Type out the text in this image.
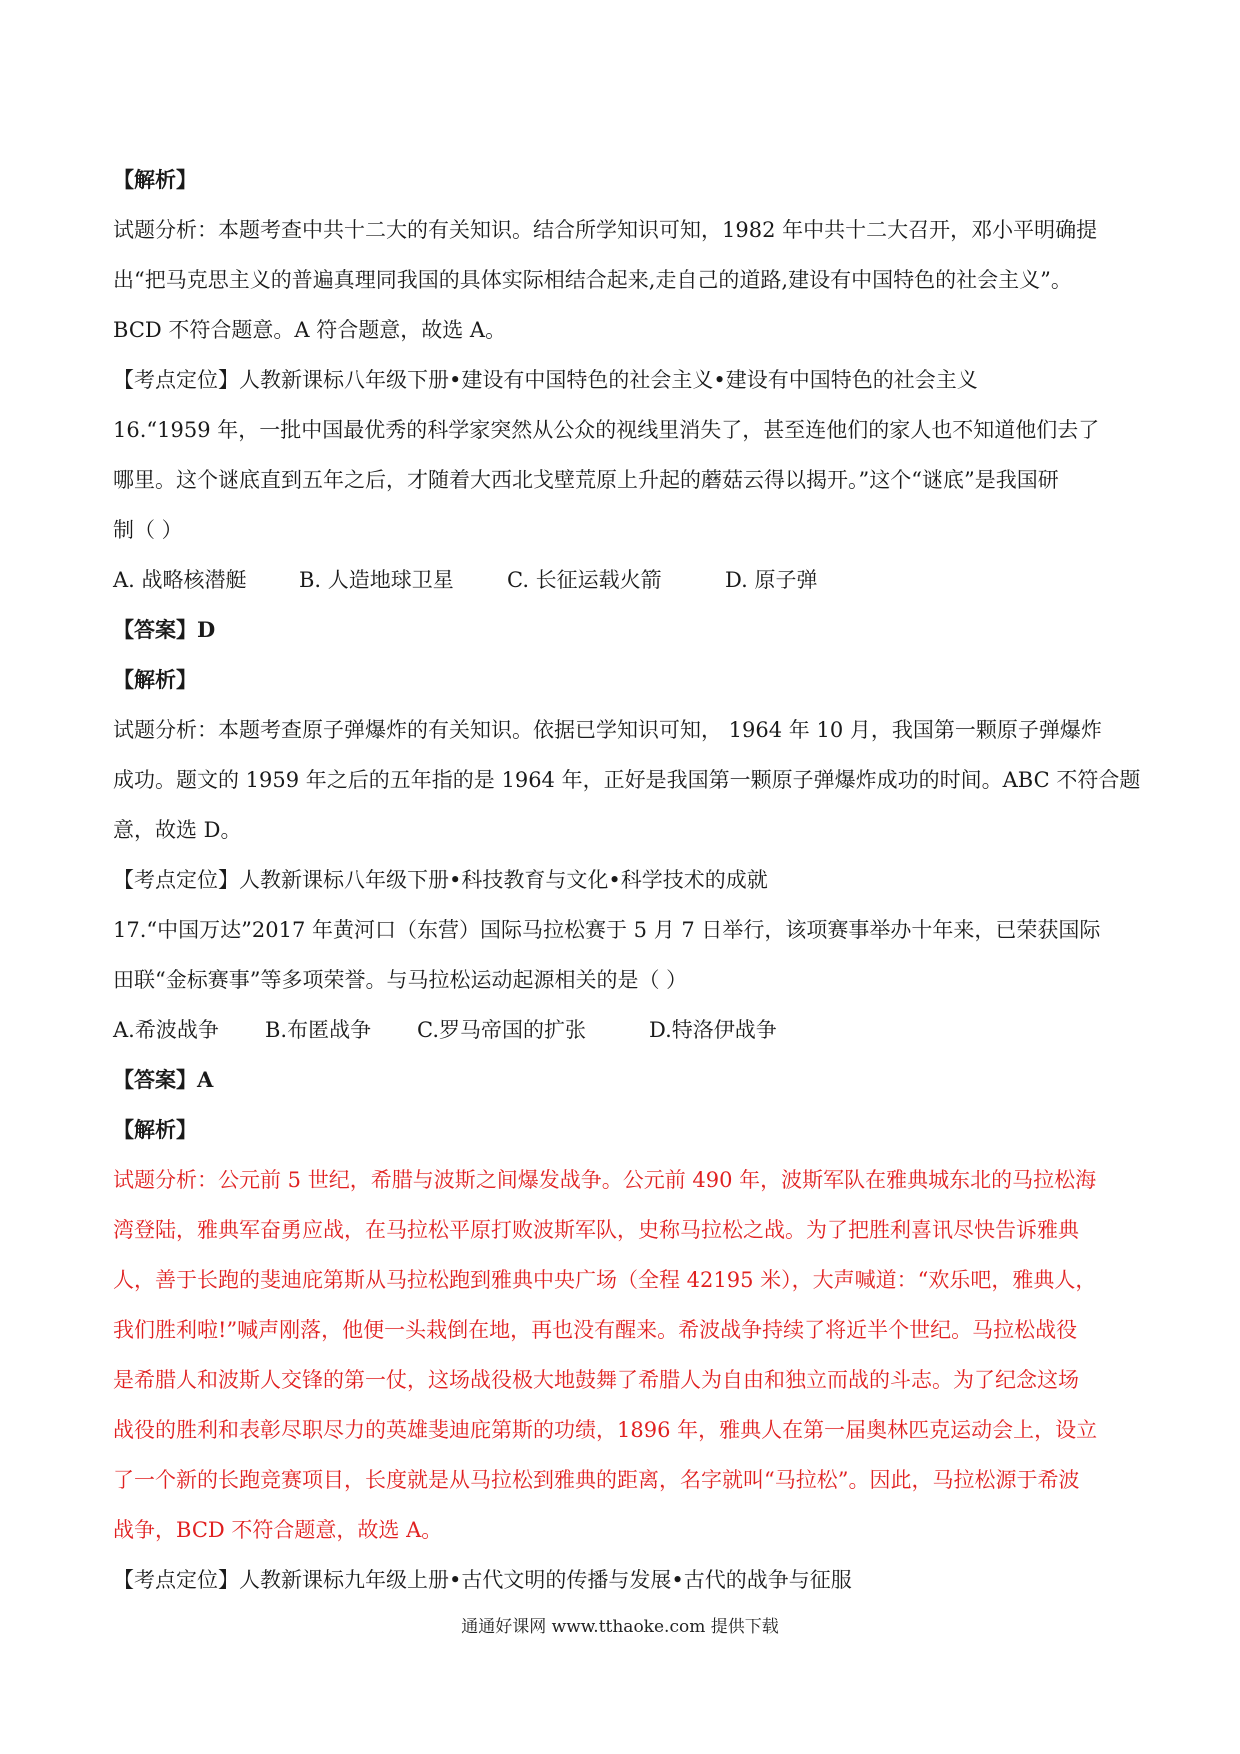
【解析】
试题分析：本题考查中共十二大的有关知识。结合所学知识可知，1982 年中共十二大召开，邓小平明确提
出“把马克思主义的普遍真理同我国的具体实际相结合起来,走自己的道路,建设有中国特色的社会主义”。
BCD 不符合题意。A 符合题意，故选 A。
【考点定位】人教新课标八年级下册•建设有中国特色的社会主义•建设有中国特色的社会主义
16.“1959 年，一批中国最优秀的科学家突然从公众的视线里消失了，甚至连他们的家人也不知道他们去了
哪里。这个谜底直到五年之后，才随着大西北戈壁荒原上升起的蘑菇云得以揭开。”这个“谜底”是我国研
制（ ）
A. 战略核潜艇	B. 人造地球卫星	C. 长征运载火箭	D. 原子弹
【答案】D
【解析】
试题分析：本题考查原子弹爆炸的有关知识。依据已学知识可知， 1964 年 10 月，我国第一颗原子弹爆炸
成功。题文的 1959 年之后的五年指的是 1964 年，正好是我国第一颗原子弹爆炸成功的时间。ABC 不符合题
意，故选 D。
【考点定位】人教新课标八年级下册•科技教育与文化•科学技术的成就
17.“中国万达”2017 年黄河口（东营）国际马拉松赛于 5 月 7 日举行，该项赛事举办十年来，已荣获国际
田联“金标赛事”等多项荣誉。与马拉松运动起源相关的是（ ）
A.希波战争	B.布匿战争	C.罗马帝国的扩张	D.特洛伊战争
【答案】A
【解析】
试题分析：公元前 5 世纪，希腊与波斯之间爆发战争。公元前 490 年，波斯军队在雅典城东北的马拉松海
湾登陆，雅典军奋勇应战，在马拉松平原打败波斯军队，史称马拉松之战。为了把胜利喜讯尽快告诉雅典
人，善于长跑的斐迪庇第斯从马拉松跑到雅典中央广场（全程 42195 米），大声喊道：“欢乐吧，雅典人，
我们胜利啦!”喊声刚落，他便一头栽倒在地，再也没有醒来。希波战争持续了将近半个世纪。马拉松战役
是希腊人和波斯人交锋的第一仗，这场战役极大地鼓舞了希腊人为自由和独立而战的斗志。为了纪念这场
战役的胜利和表彰尽职尽力的英雄斐迪庇第斯的功绩，1896 年，雅典人在第一届奥林匹克运动会上，设立
了一个新的长跑竞赛项目，长度就是从马拉松到雅典的距离，名字就叫“马拉松”。因此，马拉松源于希波
战争，BCD 不符合题意，故选 A。
【考点定位】人教新课标九年级上册•古代文明的传播与发展•古代的战争与征服
通通好课网 www.tthaoke.com 提供下载
